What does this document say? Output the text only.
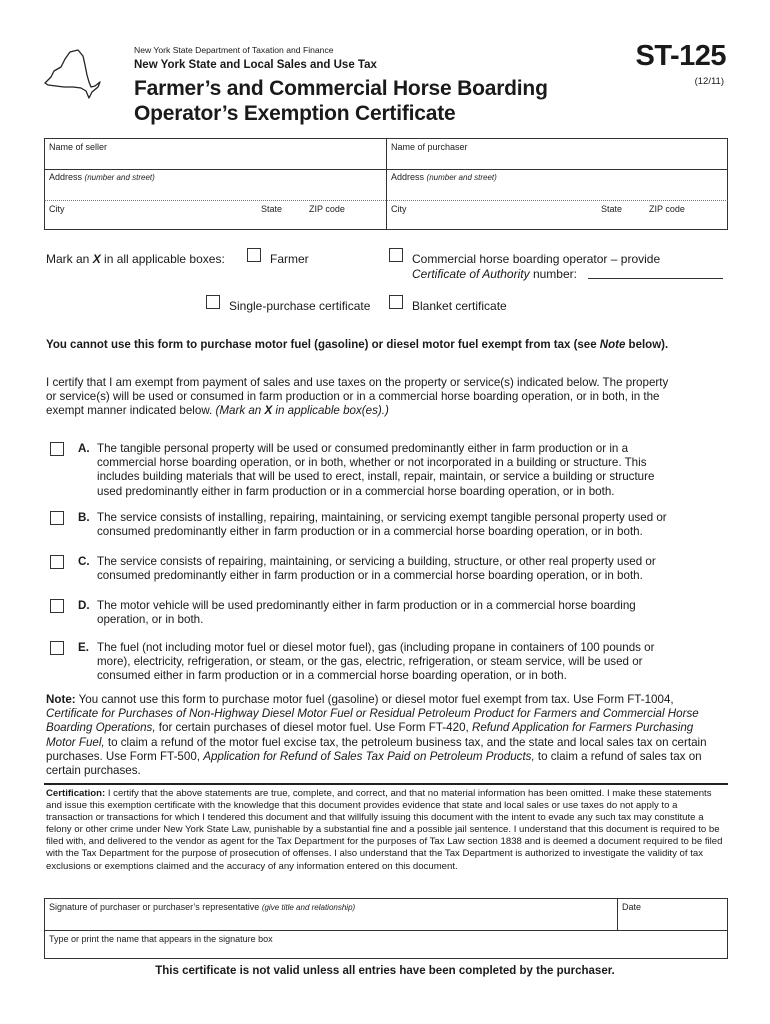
New York State Department of Taxation and Finance
New York State and Local Sales and Use Tax
Farmer’s and Commercial Horse Boarding
Operator’s Exemption Certificate
ST-125
(12/11)
Name of seller	Name of purchaser
Address (number and street)	Address (number and street)
City	State	ZIP code	City	State	ZIP code
Mark an X in all applicable boxes:	Farmer	Commercial horse boarding operator – provide
Certificate of Authority number:
Single-purchase certificate	Blanket certificate
You cannot use this form to purchase motor fuel (gasoline) or diesel motor fuel exempt from tax (see Note below).
I certify that I am exempt from payment of sales and use taxes on the property or service(s) indicated below. The property
or service(s) will be used or consumed in farm production or in a commercial horse boarding operation, or in both, in the
exempt manner indicated below. (Mark an X in applicable box(es).)
A. The tangible personal property will be used or consumed predominantly either in farm production or in a
commercial horse boarding operation, or in both, whether or not incorporated in a building or structure. This
includes building materials that will be used to erect, install, repair, maintain, or service a building or structure
used predominantly either in farm production or in a commercial horse boarding operation, or in both.
B. The service consists of installing, repairing, maintaining, or servicing exempt tangible personal property used or
consumed predominantly either in farm production or in a commercial horse boarding operation, or in both.
C. The service consists of repairing, maintaining, or servicing a building, structure, or other real property used or
consumed predominantly either in farm production or in a commercial horse boarding operation, or in both.
D. The motor vehicle will be used predominantly either in farm production or in a commercial horse boarding
operation, or in both.
E. The fuel (not including motor fuel or diesel motor fuel), gas (including propane in containers of 100 pounds or
more), electricity, refrigeration, or steam, or the gas, electric, refrigeration, or steam service, will be used or
consumed either in farm production or in a commercial horse boarding operation, or in both.
Note: You cannot use this form to purchase motor fuel (gasoline) or diesel motor fuel exempt from tax. Use Form FT-1004, Certificate for Purchases of Non-Highway Diesel Motor Fuel or Residual Petroleum Product for Farmers and Commercial Horse Boarding Operations, for certain purchases of diesel motor fuel. Use Form FT-420, Refund Application for Farmers Purchasing Motor Fuel, to claim a refund of the motor fuel excise tax, the petroleum business tax, and the state and local sales tax on certain purchases. Use Form FT-500, Application for Refund of Sales Tax Paid on Petroleum Products, to claim a refund of sales tax on certain purchases.
Certification: I certify that the above statements are true, complete, and correct, and that no material information has been omitted. I make these statements and issue this exemption certificate with the knowledge that this document provides evidence that state and local sales or use taxes do not apply to a transaction or transactions for which I tendered this document and that willfully issuing this document with the intent to evade any such tax may constitute a felony or other crime under New York State Law, punishable by a substantial fine and a possible jail sentence. I understand that this document is required to be filed with, and delivered to the vendor as agent for the Tax Department for the purposes of Tax Law section 1838 and is deemed a document required to be filed with the Tax Department for the purpose of prosecution of offenses. I also understand that the Tax Department is authorized to investigate the validity of tax exclusions or exemptions claimed and the accuracy of any information entered on this document.
Signature of purchaser or purchaser’s representative (give title and relationship)	Date
Type or print the name that appears in the signature box
This certificate is not valid unless all entries have been completed by the purchaser.
